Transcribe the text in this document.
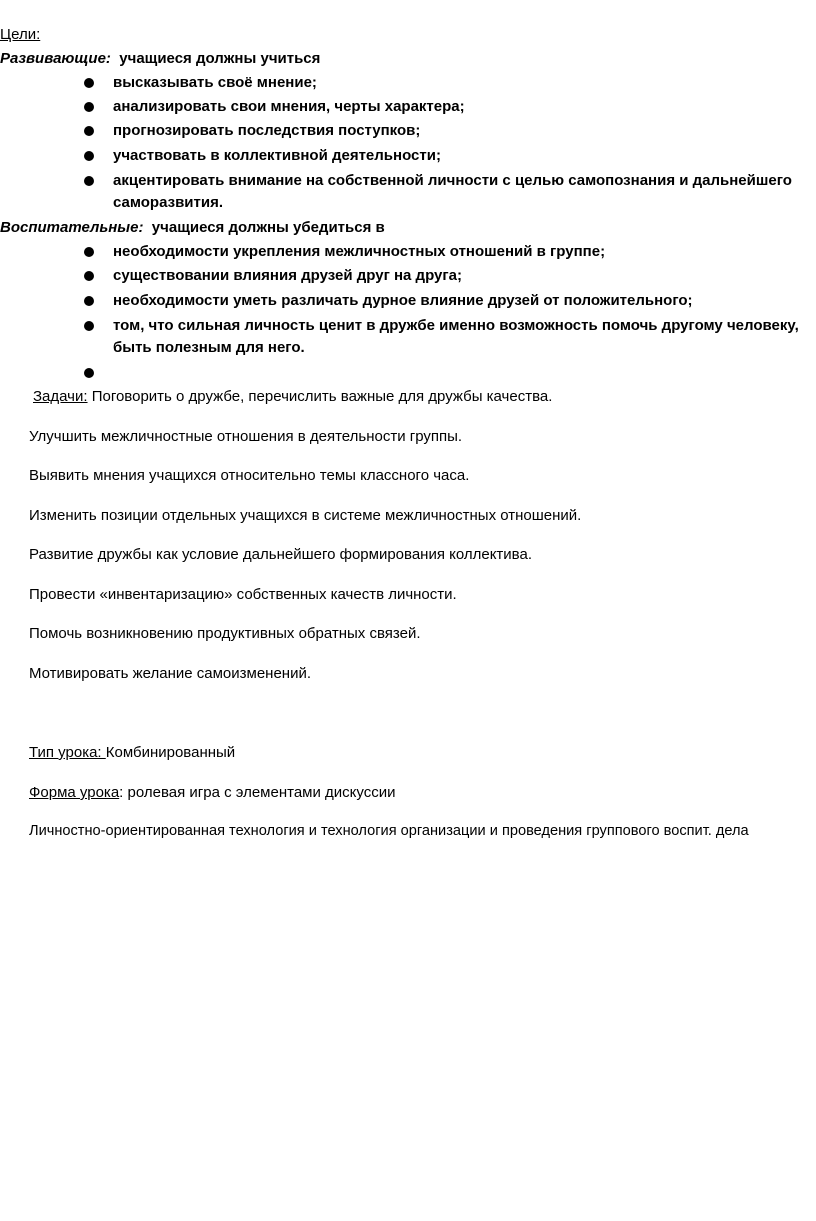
Цели:
Развивающие: учащиеся должны учиться
высказывать своё мнение;
анализировать свои мнения, черты характера;
прогнозировать последствия поступков;
участвовать в коллективной деятельности;
акцентировать внимание на собственной личности с целью самопознания и дальнейшего саморазвития.
Воспитательные: учащиеся должны убедиться в
необходимости укрепления межличностных отношений в группе;
существовании влияния друзей друг на друга;
необходимости уметь различать дурное влияние друзей от положительного;
том, что сильная личность ценит в дружбе именно возможность помочь другому человеку, быть полезным для него.
Задачи: Поговорить о дружбе, перечислить важные для дружбы качества.
Улучшить межличностные отношения в деятельности группы.
Выявить мнения учащихся относительно темы классного часа.
Изменить позиции отдельных учащихся в системе межличностных отношений.
Развитие дружбы как условие дальнейшего формирования коллектива.
Провести «инвентаризацию» собственных качеств личности.
Помочь возникновению продуктивных обратных связей.
Мотивировать желание самоизменений.
Тип урока: Комбинированный
Форма урока: ролевая игра с элементами дискуссии
Личностно-ориентированная технология и технология организации и проведения группового воспит. дела
